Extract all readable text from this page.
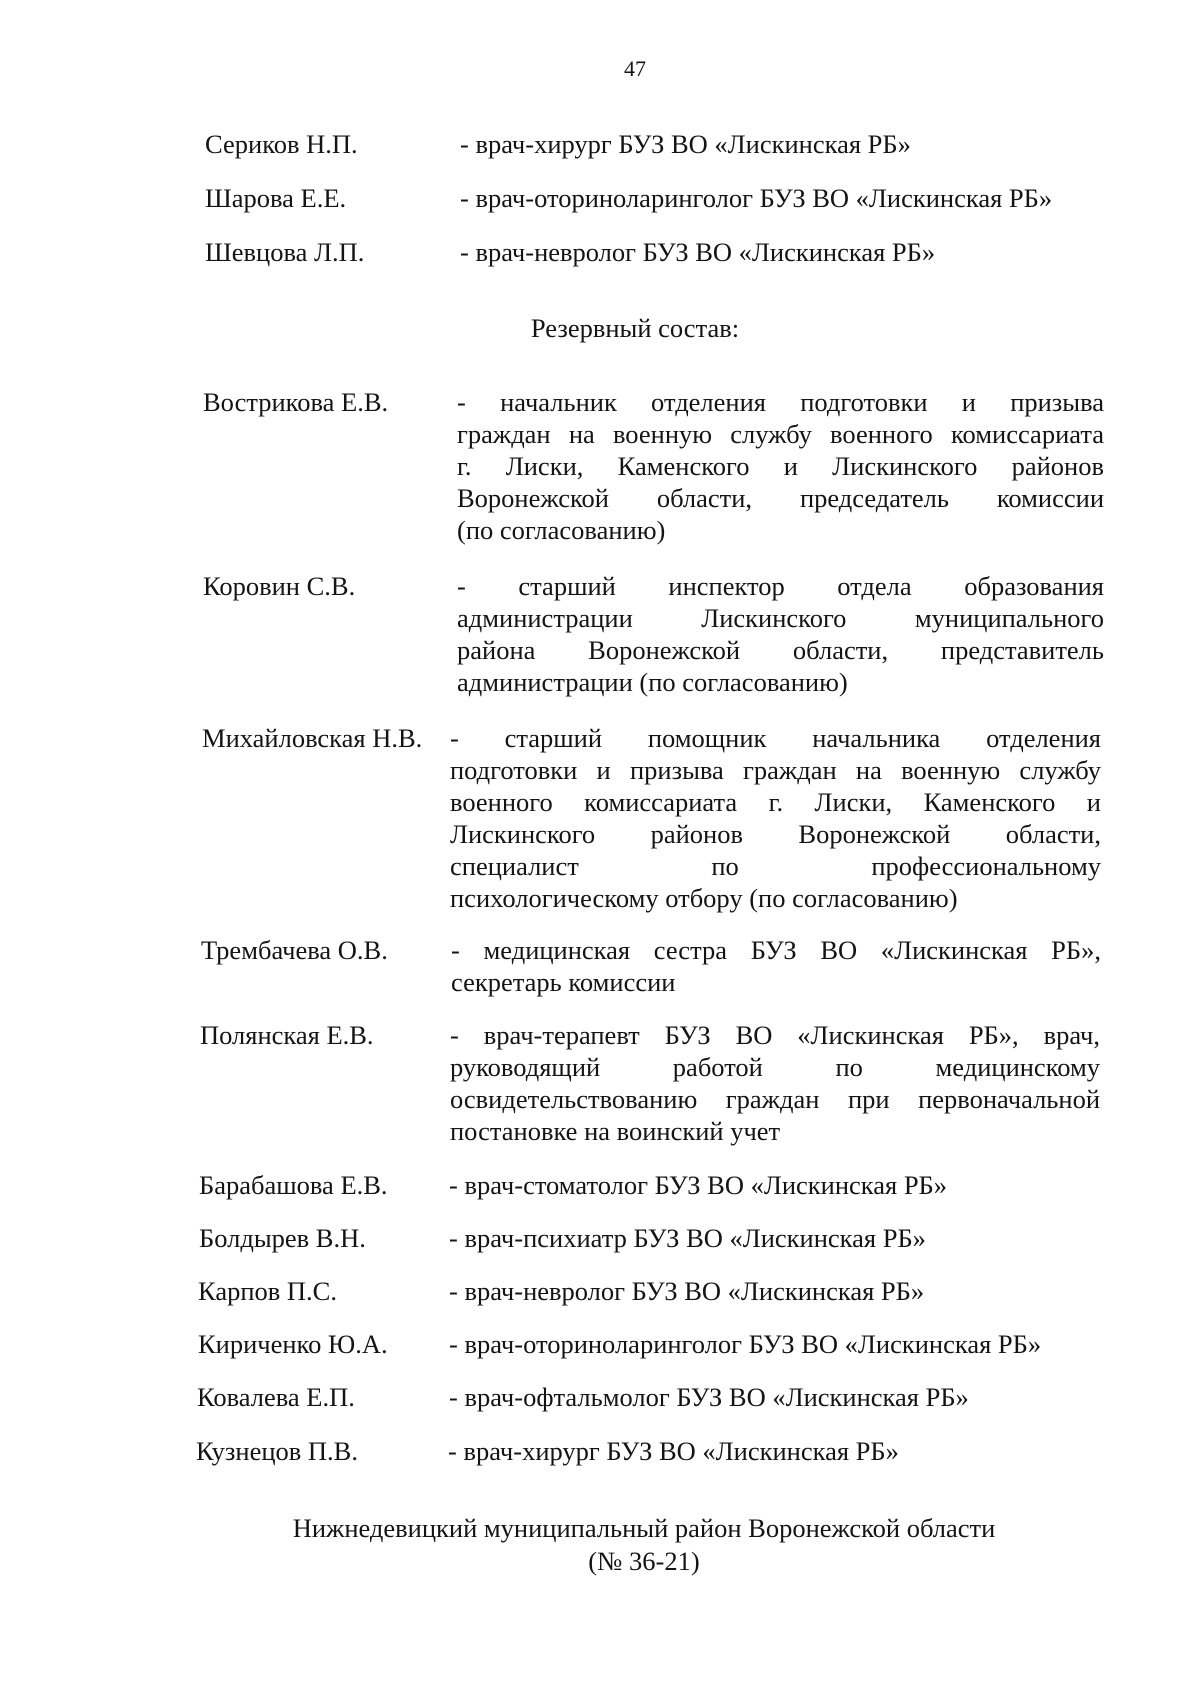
47
Сериков Н.П.	- врач-хирург БУЗ ВО «Лискинская РБ»
Шарова Е.Е.	- врач-оториноларинголог БУЗ ВО «Лискинская РБ»
Шевцова Л.П.	- врач-невролог БУЗ ВО «Лискинская РБ»
Резервный состав:
Вострикова Е.В.	- начальник отделения подготовки и призыва
граждан на военную службу военного комиссариата
г. Лиски, Каменского и Лискинского районов
Воронежской области, председатель комиссии
(по согласованию)
Коровин С.В.	- старший инспектор отдела образования
администрации Лискинского муниципального
района Воронежской области, представитель
администрации (по согласованию)
Михайловская Н.В. - старший помощник начальника отделения
подготовки и призыва граждан на военную службу
военного комиссариата г. Лиски, Каменского и
Лискинского районов Воронежской области,
специалист по профессиональному
психологическому отбору (по согласованию)
Трембачева О.В. - медицинская сестра БУЗ ВО «Лискинская РБ»,
секретарь комиссии
Полянская Е.В.	- врач-терапевт БУЗ ВО «Лискинская РБ», врач,
руководящий работой по медицинскому
освидетельствованию граждан при первоначальной
постановке на воинский учет
Барабашова Е.В. - врач-стоматолог БУЗ ВО «Лискинская РБ»
Болдырев В.Н.	- врач-психиатр БУЗ ВО «Лискинская РБ»
Карпов П.С.	- врач-невролог БУЗ ВО «Лискинская РБ»
Кириченко Ю.А. - врач-оториноларинголог БУЗ ВО «Лискинская РБ»
Ковалева Е.П.	- врач-офтальмолог БУЗ ВО «Лискинская РБ»
Кузнецов П.В.	- врач-хирург БУЗ ВО «Лискинская РБ»
Нижнедевицкий муниципальный район Воронежской области
(№ 36-21)
